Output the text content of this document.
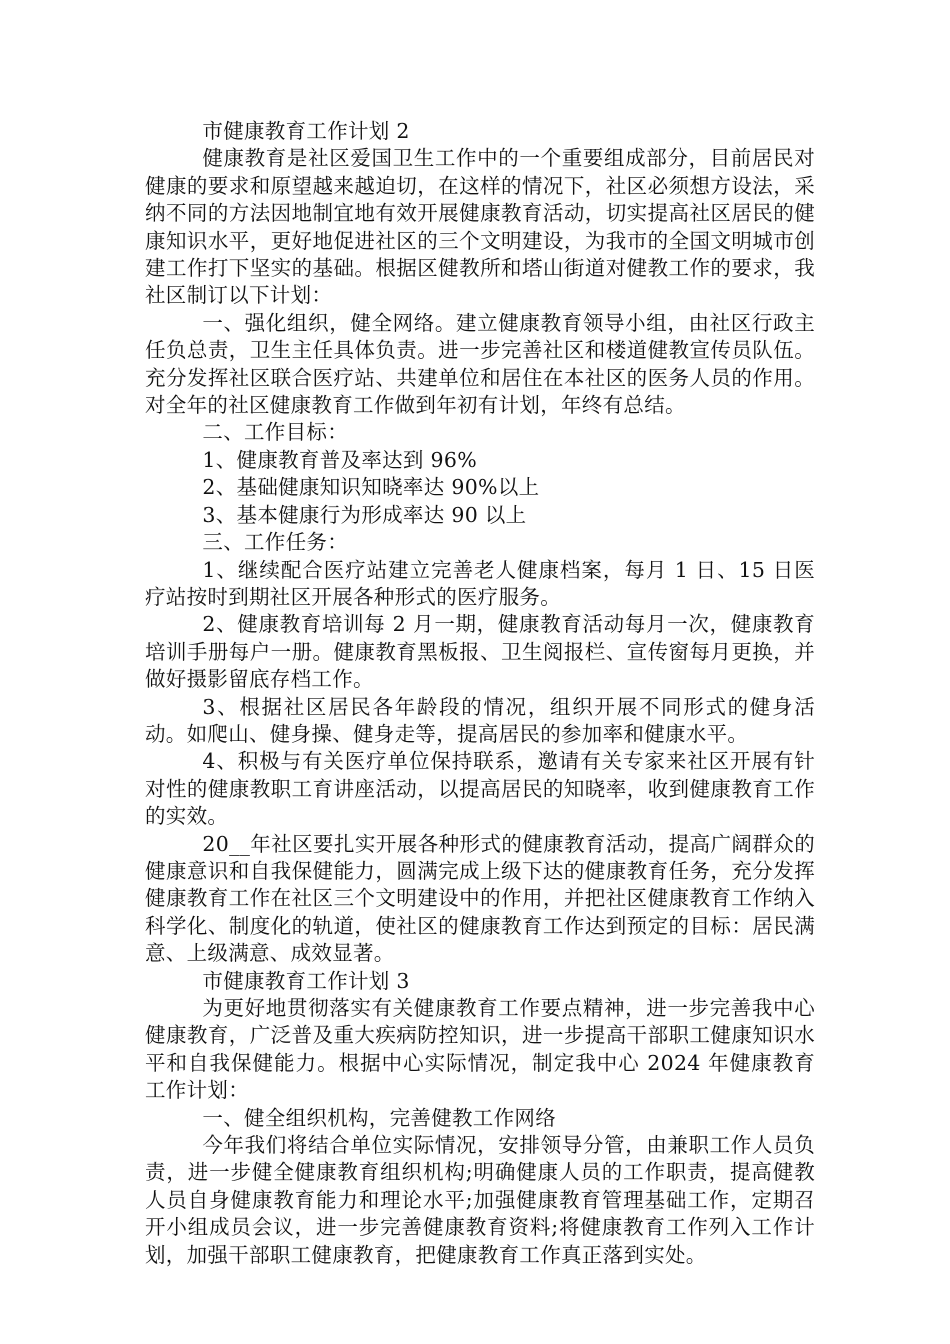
市健康教育工作计划 2

健康教育是社区爱国卫生工作中的一个重要组成部分，目前居民对健康的要求和原望越来越迫切，在这样的情况下，社区必须想方设法，采纳不同的方法因地制宜地有效开展健康教育活动，切实提高社区居民的健康知识水平，更好地促进社区的三个文明建设，为我市的全国文明城市创建工作打下坚实的基础。根据区健教所和塔山街道对健教工作的要求，我社区制订以下计划：

一、强化组织，健全网络。建立健康教育领导小组，由社区行政主任负总责，卫生主任具体负责。进一步完善社区和楼道健教宣传员队伍。充分发挥社区联合医疗站、共建单位和居住在本社区的医务人员的作用。对全年的社区健康教育工作做到年初有计划，年终有总结。

二、工作目标：

1、健康教育普及率达到 96%

2、基础健康知识知晓率达 90%以上

3、基本健康行为形成率达 90 以上

三、工作任务：

1、继续配合医疗站建立完善老人健康档案，每月 1 日、15 日医疗站按时到期社区开展各种形式的医疗服务。

2、健康教育培训每 2 月一期，健康教育活动每月一次，健康教育培训手册每户一册。健康教育黑板报、卫生阅报栏、宣传窗每月更换，并做好摄影留底存档工作。

3、根据社区居民各年龄段的情况，组织开展不同形式的健身活动。如爬山、健身操、健身走等，提高居民的参加率和健康水平。

4、积极与有关医疗单位保持联系，邀请有关专家来社区开展有针对性的健康教职工育讲座活动，以提高居民的知晓率，收到健康教育工作的实效。

20__年社区要扎实开展各种形式的健康教育活动，提高广阔群众的健康意识和自我保健能力，圆满完成上级下达的健康教育任务，充分发挥健康教育工作在社区三个文明建设中的作用，并把社区健康教育工作纳入科学化、制度化的轨道，使社区的健康教育工作达到预定的目标：居民满意、上级满意、成效显著。

市健康教育工作计划 3

为更好地贯彻落实有关健康教育工作要点精神，进一步完善我中心健康教育，广泛普及重大疾病防控知识，进一步提高干部职工健康知识水平和自我保健能力。根据中心实际情况，制定我中心 2024 年健康教育工作计划：

一、健全组织机构，完善健教工作网络

今年我们将结合单位实际情况，安排领导分管，由兼职工作人员负责，进一步健全健康教育组织机构;明确健康人员的工作职责，提高健教人员自身健康教育能力和理论水平;加强健康教育管理基础工作，定期召开小组成员会议，进一步完善健康教育资料;将健康教育工作列入工作计划，加强干部职工健康教育，把健康教育工作真正落到实处。
